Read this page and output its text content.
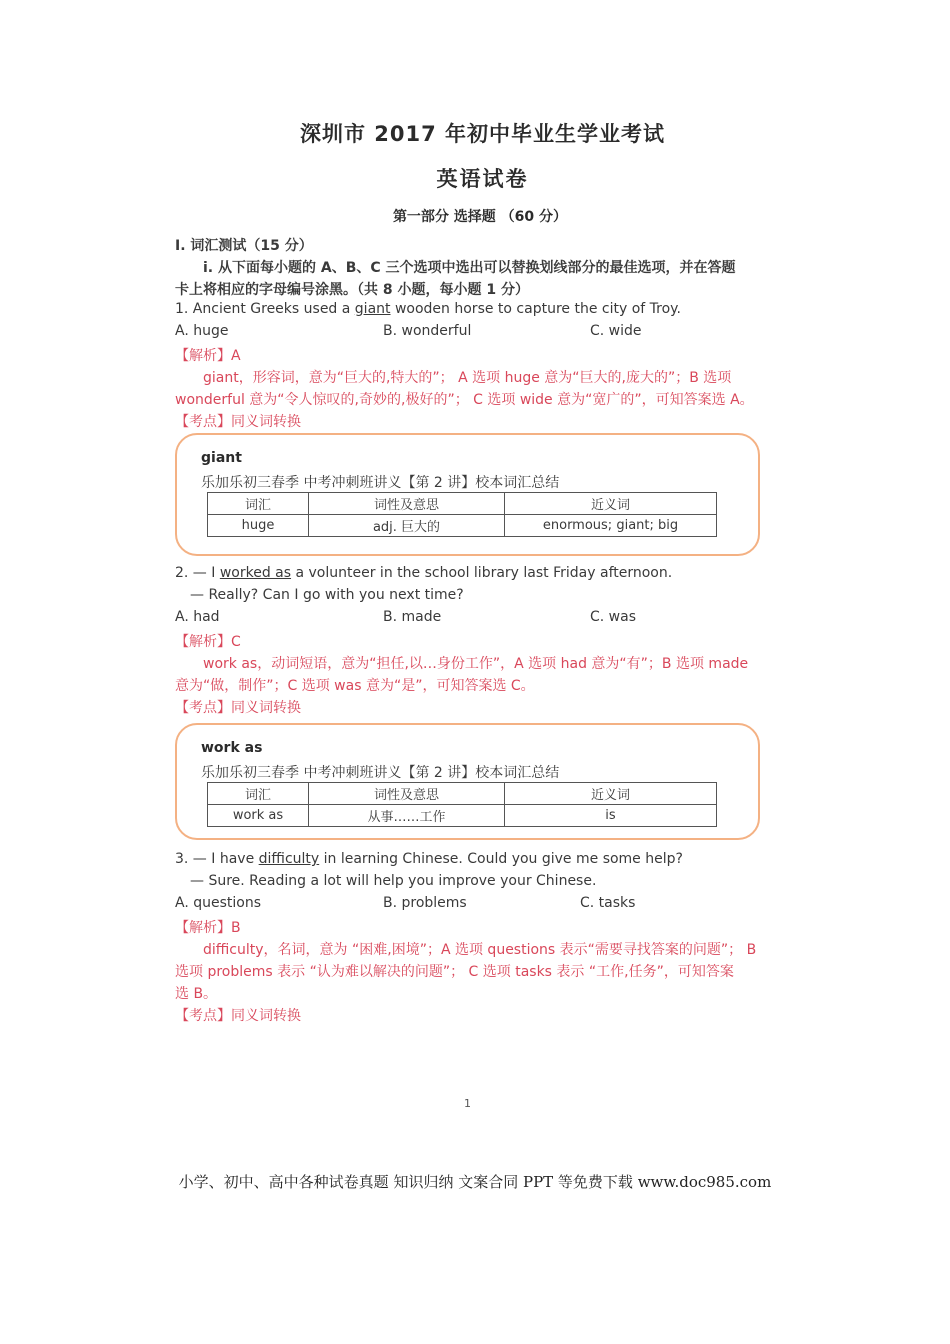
深圳市 2017 年初中毕业生学业考试
英语试卷
第一部分 选择题 （60 分）
I. 词汇测试（15 分）
i. 从下面每小题的 A、B、C 三个选项中选出可以替换划线部分的最佳选项，并在答题
卡上将相应的字母编号涂黑。（共 8 小题，每小题 1 分）
1. Ancient Greeks used a giant wooden horse to capture the city of Troy.
A. huge	B. wonderful	C. wide
【解析】A
giant，形容词，意为“巨大的,特大的”； A 选项 huge 意为“巨大的,庞大的”；B 选项
wonderful 意为“令人惊叹的,奇妙的,极好的”； C 选项 wide 意为“宽广的”，可知答案选 A。
【考点】同义词转换
giant
乐加乐初三春季 中考冲刺班讲义【第 2 讲】校本词汇总结
词汇	词性及意思	近义词
huge	adj. 巨大的	enormous; giant; big
2. — I worked as a volunteer in the school library last Friday afternoon.
— Really? Can I go with you next time?
A. had	B. made	C. was
【解析】C
work as，动词短语，意为“担任,以…身份工作”，A 选项 had 意为“有”；B 选项 made
意为“做，制作”；C 选项 was 意为“是”，可知答案选 C。
【考点】同义词转换
work as
乐加乐初三春季 中考冲刺班讲义【第 2 讲】校本词汇总结
词汇	词性及意思	近义词
work as	从事……工作	is
3. — I have difficulty in learning Chinese. Could you give me some help?
— Sure. Reading a lot will help you improve your Chinese.
A. questions	B. problems	C. tasks
【解析】B
difficulty，名词，意为 “困难,困境”；A 选项 questions 表示“需要寻找答案的问题”； B
选项 problems 表示 “认为难以解决的问题”； C 选项 tasks 表示 “工作,任务”，可知答案
选 B。
【考点】同义词转换
1
小学、初中、高中各种试卷真题 知识归纳 文案合同 PPT 等免费下载 www.doc985.com
